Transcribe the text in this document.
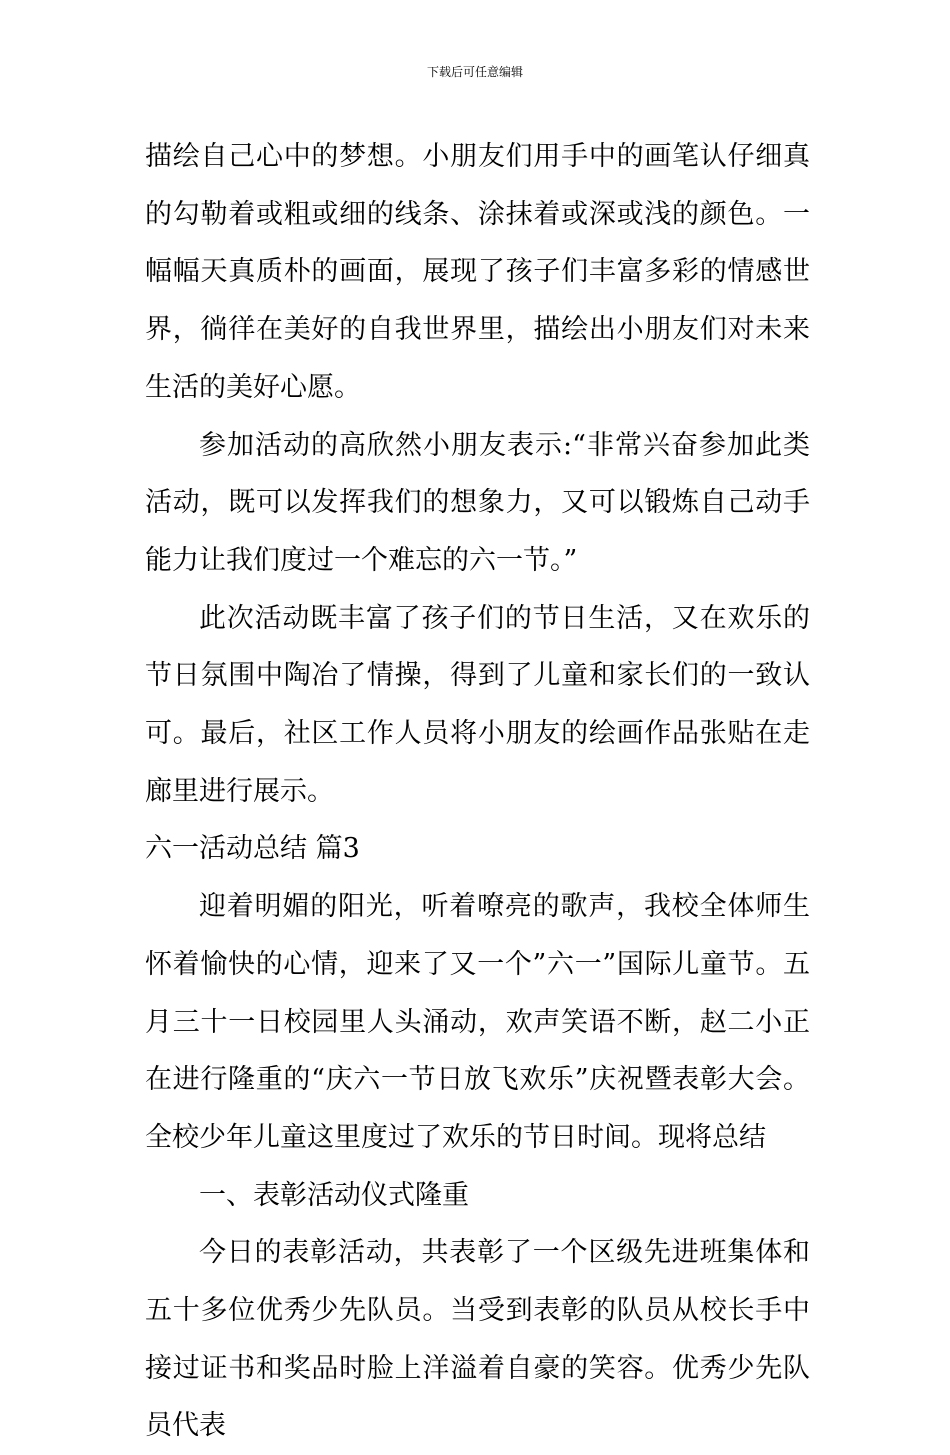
下载后可任意编辑

描绘自己心中的梦想。小朋友们用手中的画笔认仔细真的勾勒着或粗或细的线条、涂抹着或深或浅的颜色。一幅幅天真质朴的画面，展现了孩子们丰富多彩的情感世界，徜徉在美好的自我世界里，描绘出小朋友们对未来生活的美好心愿。

参加活动的高欣然小朋友表示:“非常兴奋参加此类活动，既可以发挥我们的想象力，又可以锻炼自己动手能力让我们度过一个难忘的六一节。”

此次活动既丰富了孩子们的节日生活，又在欢乐的节日氛围中陶冶了情操，得到了儿童和家长们的一致认可。最后，社区工作人员将小朋友的绘画作品张贴在走廊里进行展示。

六一活动总结 篇3

迎着明媚的阳光，听着嘹亮的歌声，我校全体师生怀着愉快的心情，迎来了又一个”六一”国际儿童节。五月三十一日校园里人头涌动，欢声笑语不断，赵二小正在进行隆重的“庆六一节日放飞欢乐”庆祝暨表彰大会。全校少年儿童这里度过了欢乐的节日时间。现将总结

一、表彰活动仪式隆重

今日的表彰活动，共表彰了一个区级先进班集体和五十多位优秀少先队员。当受到表彰的队员从校长手中接过证书和奖品时脸上洋溢着自豪的笑容。优秀少先队员代表
